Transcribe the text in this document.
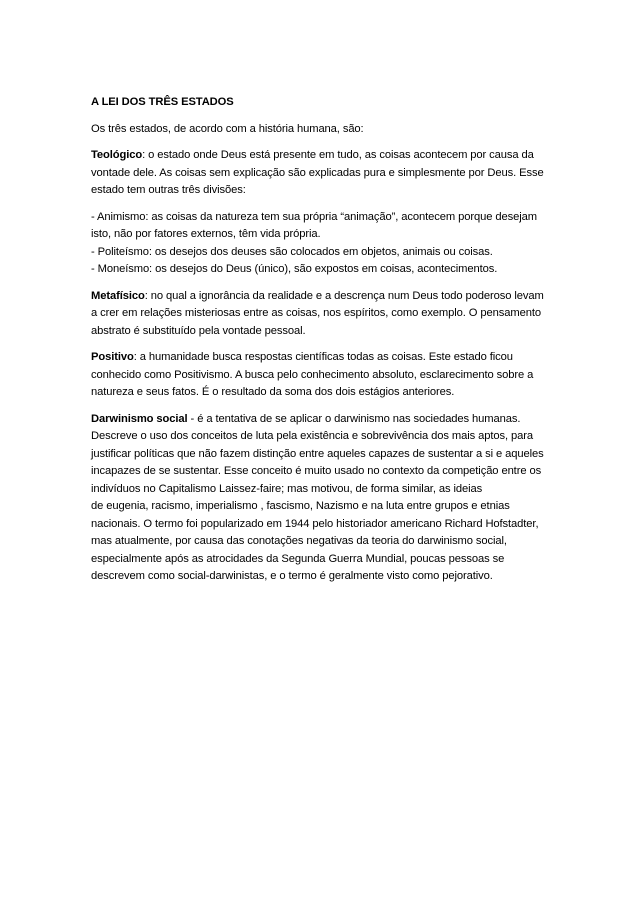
A LEI DOS TRÊS ESTADOS
Os três estados, de acordo com a história humana, são:
Teológico: o estado onde Deus está presente em tudo, as coisas acontecem por causa da
vontade dele. As coisas sem explicação são explicadas pura e simplesmente por Deus. Esse
estado tem outras três divisões:
- Animismo: as coisas da natureza tem sua própria “animação”, acontecem porque desejam
isto, não por fatores externos, têm vida própria.
- Politeísmo: os desejos dos deuses são colocados em objetos, animais ou coisas.
- Moneísmo: os desejos do Deus (único), são expostos em coisas, acontecimentos.
Metafísico: no qual a ignorância da realidade e a descrença num Deus todo poderoso levam
a crer em relações misteriosas entre as coisas, nos espíritos, como exemplo. O pensamento
abstrato é substituído pela vontade pessoal.
Positivo: a humanidade busca respostas científicas todas as coisas. Este estado ficou
conhecido como Positivismo. A busca pelo conhecimento absoluto, esclarecimento sobre a
natureza e seus fatos. É o resultado da soma dos dois estágios anteriores.
Darwinismo social - é a tentativa de se aplicar o darwinismo nas sociedades humanas.
Descreve o uso dos conceitos de luta pela existência e sobrevivência dos mais aptos, para
justificar políticas que não fazem distinção entre aqueles capazes de sustentar a si e aqueles
incapazes de se sustentar. Esse conceito é muito usado no contexto da competição entre os
indivíduos no Capitalismo Laissez-faire; mas motivou, de forma similar, as ideias
de eugenia, racismo, imperialismo , fascismo, Nazismo e na luta entre grupos e etnias
nacionais. O termo foi popularizado em 1944 pelo historiador americano Richard Hofstadter,
mas atualmente, por causa das conotações negativas da teoria do darwinismo social,
especialmente após as atrocidades da Segunda Guerra Mundial, poucas pessoas se
descrevem como social-darwinistas, e o termo é geralmente visto como pejorativo.
